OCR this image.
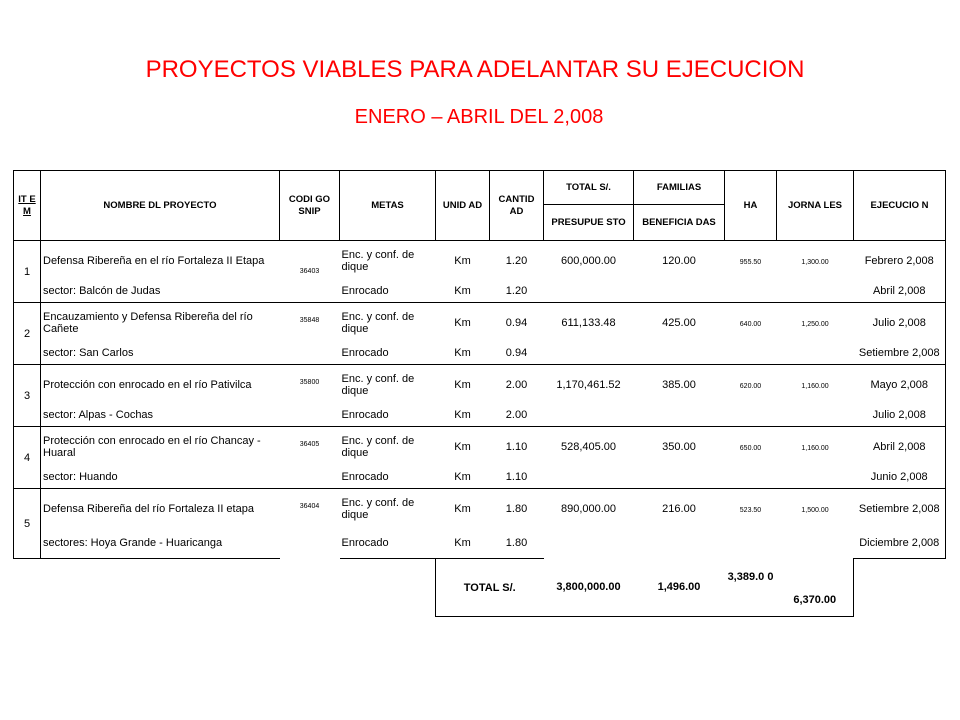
PROYECTOS VIABLES PARA ADELANTAR SU EJECUCION
ENERO – ABRIL DEL 2,008
IT E M	NOMBRE DL PROYECTO	CODI GO SNIP	METAS	UNID AD	CANTID AD	TOTAL S/.	FAMILIAS	HA	JORNA LES	EJECUCIO N
						PRESUPUE STO	BENEFICIA DAS			
1	Defensa Ribereña en el río Fortaleza II Etapa	36403	Enc. y conf. de dique	Km	1.20	600,000.00	120.00	955.50	1,300.00	Febrero 2,008
	sector: Balcón de Judas		Enrocado	Km	1.20					Abril 2,008
2	Encauzamiento y Defensa Ribereña del río Cañete	35848	Enc. y conf. de dique	Km	0.94	611,133.48	425.00	640.00	1,250.00	Julio 2,008
	sector: San Carlos		Enrocado	Km	0.94					Setiembre 2,008
3	Protección con enrocado en el río Pativilca	35800	Enc. y conf. de dique	Km	2.00	1,170,461.52	385.00	620.00	1,160.00	Mayo 2,008
	sector: Alpas - Cochas		Enrocado	Km	2.00					Julio 2,008
4	Protección con enrocado en el río Chancay - Huaral	36405	Enc. y conf. de dique	Km	1.10	528,405.00	350.00	650.00	1,160.00	Abril 2,008
	sector: Huando		Enrocado	Km	1.10					Junio 2,008
5	Defensa Ribereña del río Fortaleza II etapa	36404	Enc. y conf. de dique	Km	1.80	890,000.00	216.00	523.50	1,500.00	Setiembre 2,008
	sectores: Hoya Grande - Huaricanga		Enrocado	Km	1.80					Diciembre 2,008
				TOTAL S/.		3,800,000.00	1,496.00	3,389.0 0	6,370.00	
